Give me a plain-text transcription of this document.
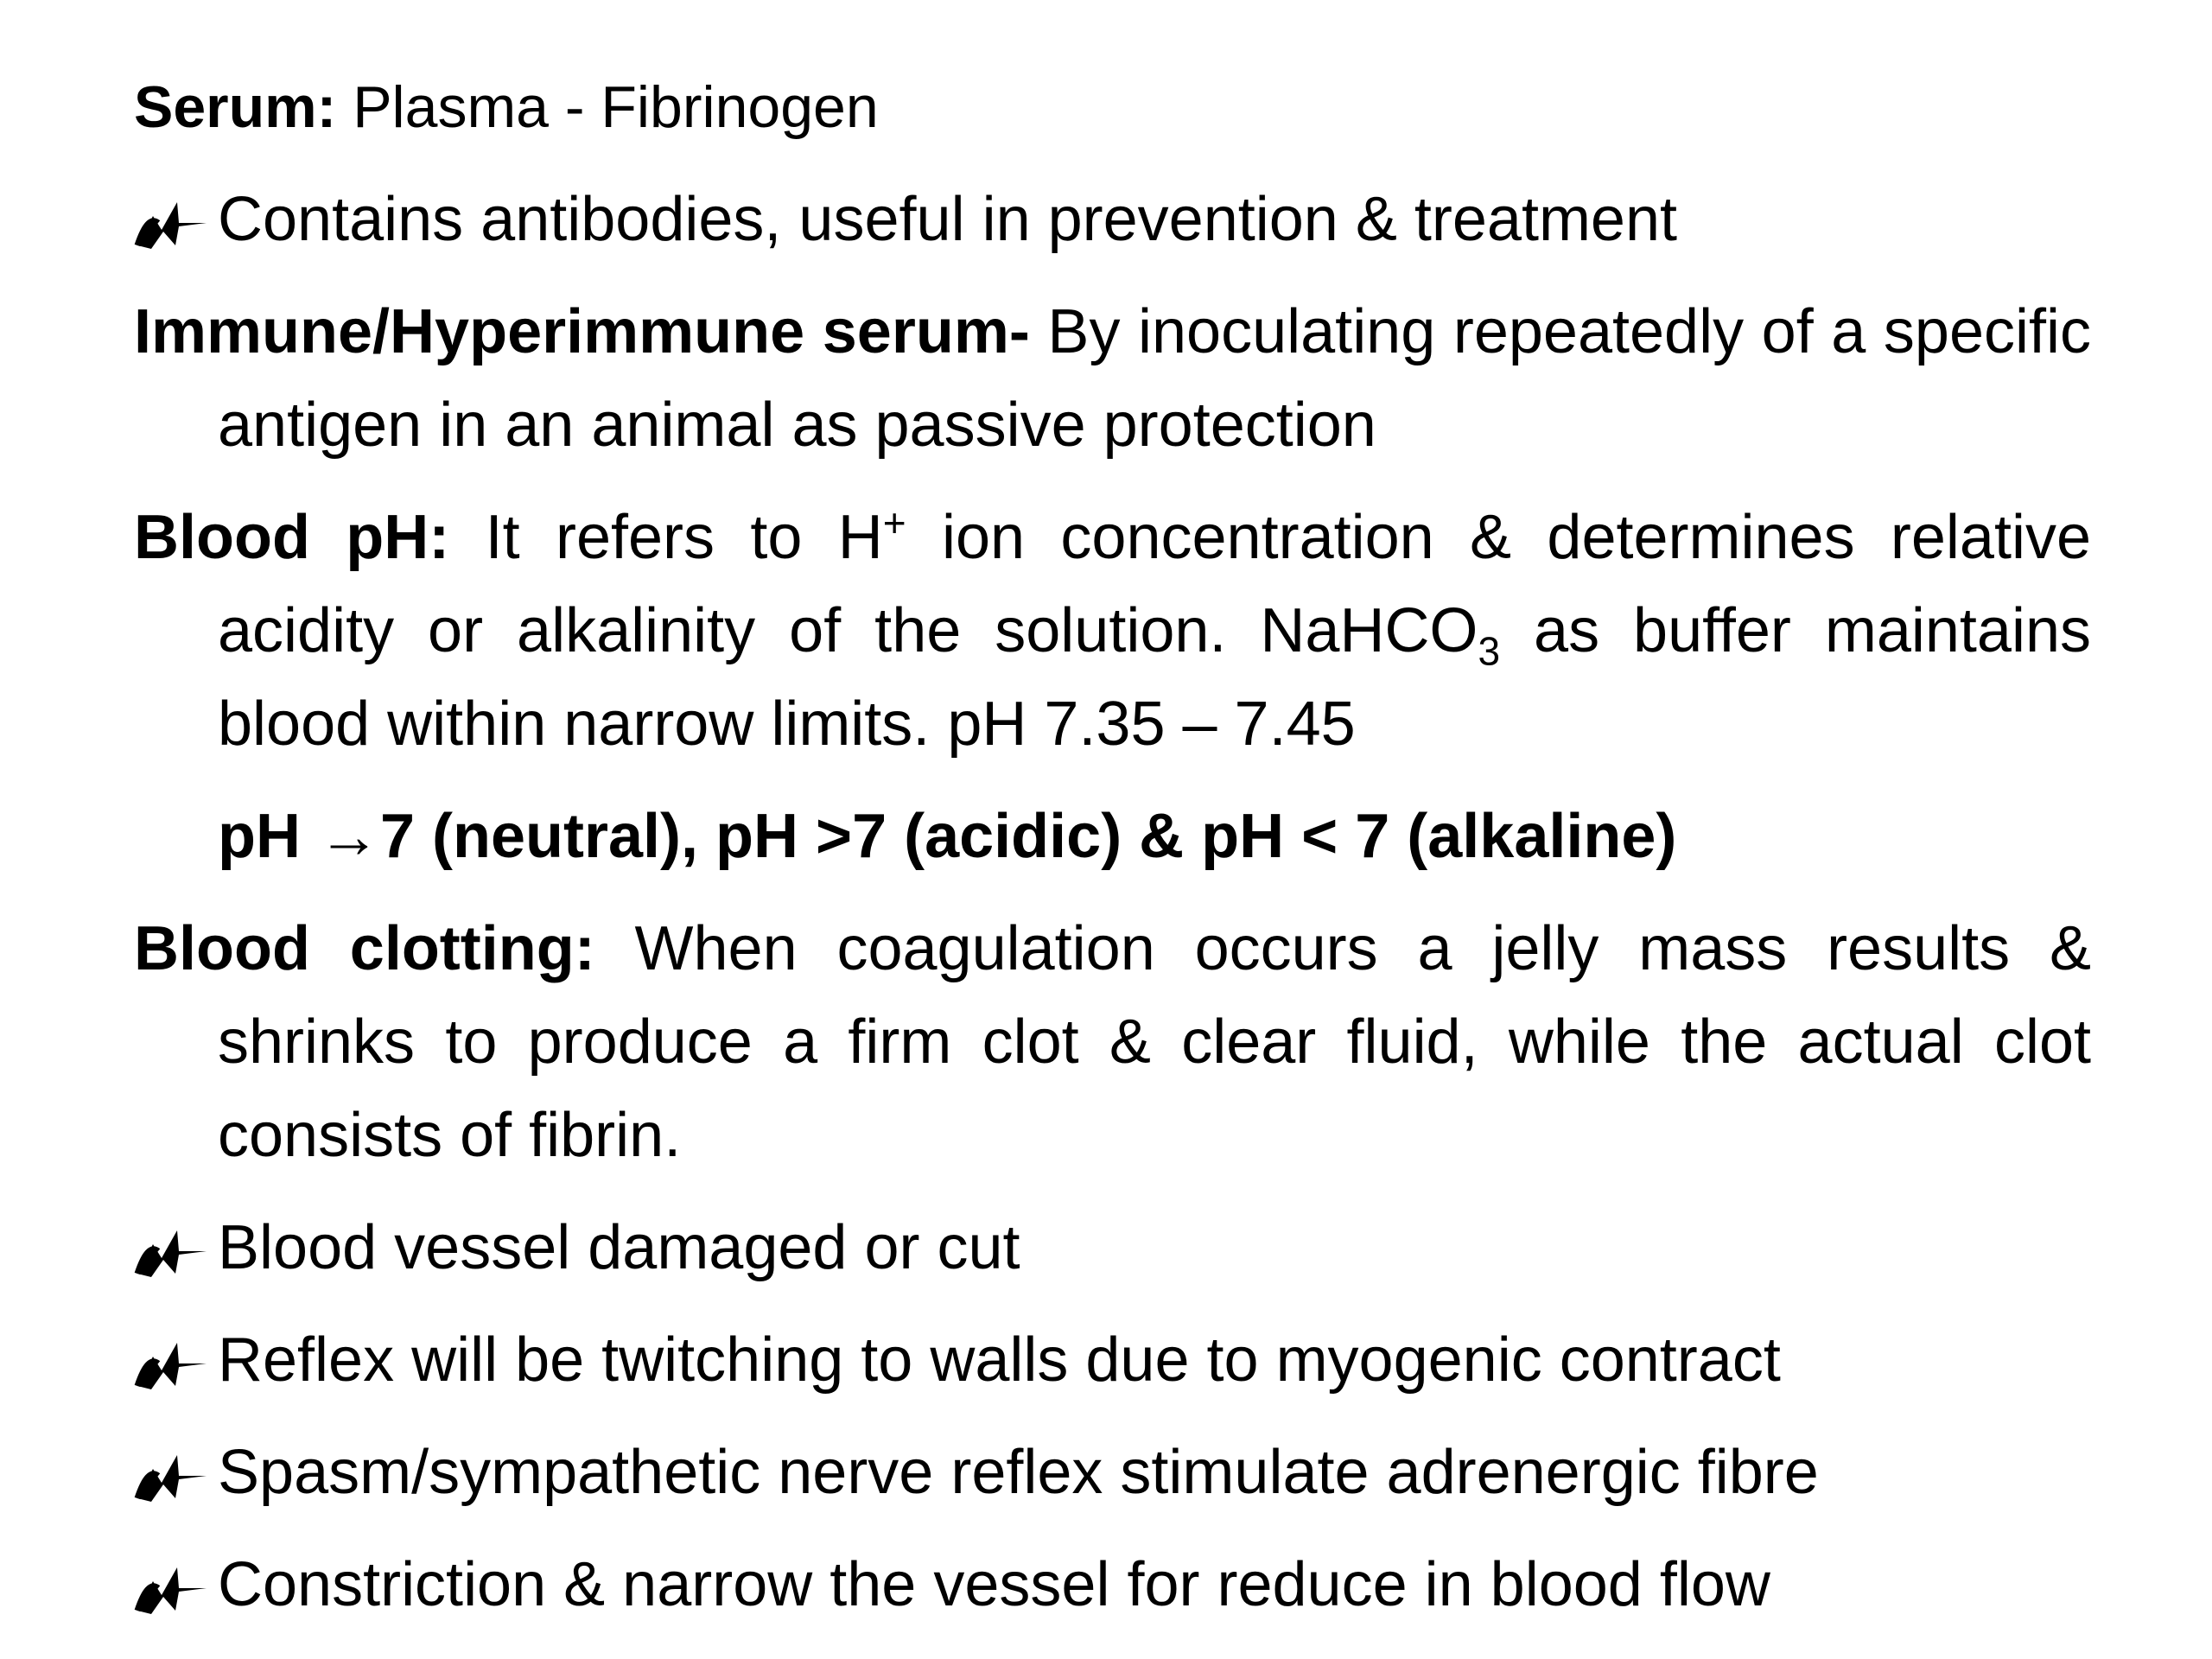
Serum: Plasma - Fibrinogen

Contains antibodies, useful in prevention & treatment

Immune/Hyperimmune serum- By inoculating repeatedly of a specific antigen in an animal as passive protection

Blood pH: It refers to H+ ion concentration & determines relative acidity or alkalinity of the solution. NaHCO$_3$ as buffer maintains blood within narrow limits. pH 7.35 – 7.45

pH →7 (neutral), pH >7 (acidic) & pH < 7 (alkaline)

Blood clotting: When coagulation occurs a jelly mass results & shrinks to produce a firm clot & clear fluid, while the actual clot consists of fibrin.

Blood vessel damaged or cut

Reflex will be twitching to walls due to myogenic contract

Spasm/sympathetic nerve reflex stimulate adrenergic fibre

Constriction & narrow the vessel for reduce in blood flow
